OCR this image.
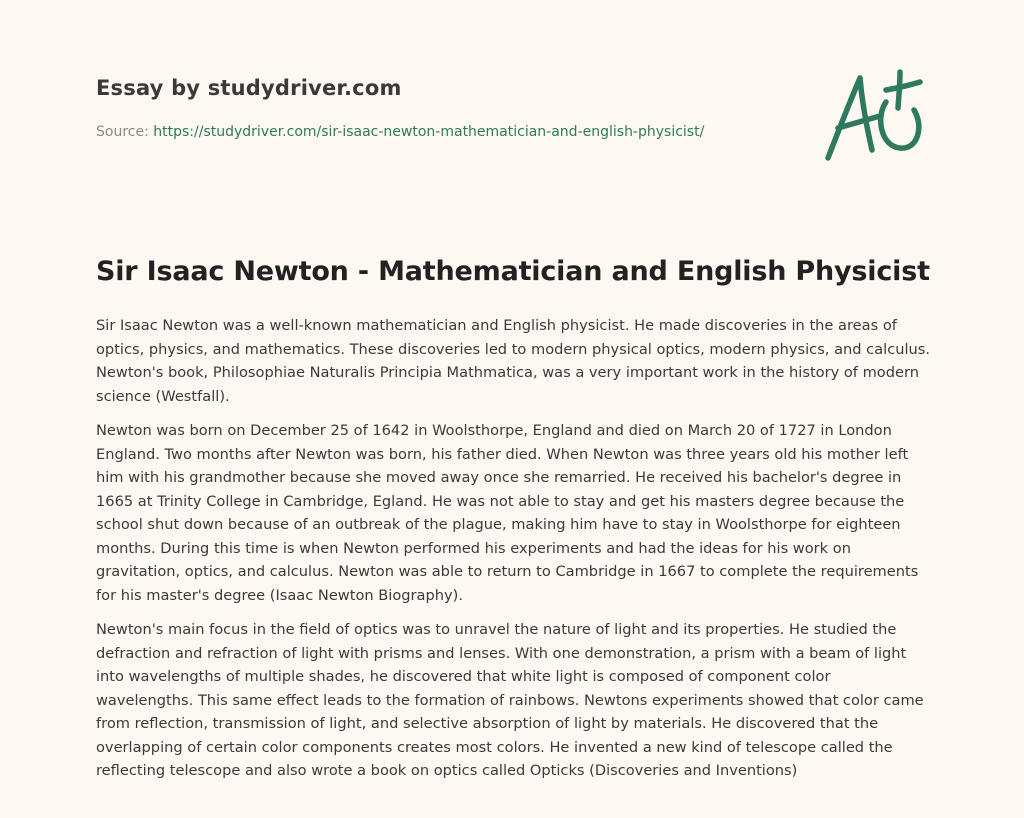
Essay by studydriver.com
Source: https://studydriver.com/sir-isaac-newton-mathematician-and-english-physicist/
Sir Isaac Newton - Mathematician and English Physicist

Sir Isaac Newton was a well-known mathematician and English physicist. He made discoveries in the areas of optics, physics, and mathematics. These discoveries led to modern physical optics, modern physics, and calculus. Newton's book, Philosophiae Naturalis Principia Mathmatica, was a very important work in the history of modern science (Westfall).

Newton was born on December 25 of 1642 in Woolsthorpe, England and died on March 20 of 1727 in London England. Two months after Newton was born, his father died. When Newton was three years old his mother left him with his grandmother because she moved away once she remarried. He received his bachelor's degree in 1665 at Trinity College in Cambridge, Egland. He was not able to stay and get his masters degree because the school shut down because of an outbreak of the plague, making him have to stay in Woolsthorpe for eighteen months. During this time is when Newton performed his experiments and had the ideas for his work on gravitation, optics, and calculus. Newton was able to return to Cambridge in 1667 to complete the requirements for his master's degree (Isaac Newton Biography).

Newton's main focus in the field of optics was to unravel the nature of light and its properties. He studied the defraction and refraction of light with prisms and lenses. With one demonstration, a prism with a beam of light into wavelengths of multiple shades, he discovered that white light is composed of component color wavelengths. This same effect leads to the formation of rainbows. Newtons experiments showed that color came from reflection, transmission of light, and selective absorption of light by materials. He discovered that the overlapping of certain color components creates most colors. He invented a new kind of telescope called the reflecting telescope and also wrote a book on optics called Opticks (Discoveries and Inventions)
